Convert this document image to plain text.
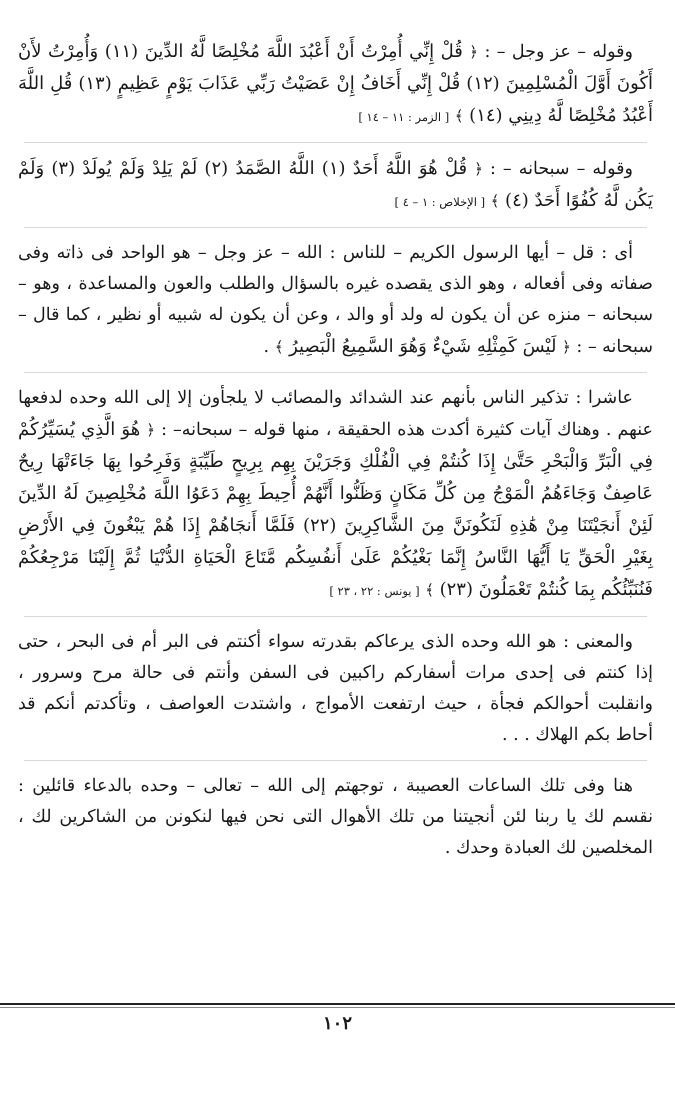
وقوله – عز وجل – : ﴿ قُلْ إِنِّي أُمِرْتُ أَنْ أَعْبُدَ اللَّهَ مُخْلِصًا لَّهُ الدِّينَ (١١) وَأُمِرْتُ لأَنْ أَكُونَ أَوَّلَ الْمُسْلِمِينَ (١٢) قُلْ إِنِّي أَخَافُ إِنْ عَصَيْتُ رَبِّي عَذَابَ يَوْمٍ عَظِيمٍ (١٣) قُلِ اللَّهَ أَعْبُدُ مُخْلِصًا لَّهُ دِينِي (١٤) ﴾ [ الزمر : ١١ – ١٤ ]

وقوله – سبحانه – : ﴿ قُلْ هُوَ اللَّهُ أَحَدٌ (١) اللَّهُ الصَّمَدُ (٢) لَمْ يَلِدْ وَلَمْ يُولَدْ (٣) وَلَمْ يَكُن لَّهُ كُفُوًا أَحَدٌ (٤) ﴾ [ الإخلاص : ١ – ٤ ]

أى : قل – أيها الرسول الكريم – للناس : الله – عز وجل – هو الواحد فى ذاته وفى صفاته وفى أفعاله ، وهو الذى يقصده غيره بالسؤال والطلب والعون والمساعدة ، وهو – سبحانه – منزه عن أن يكون له ولد أو والد ، وعن أن يكون له شبيه أو نظير ، كما قال – سبحانه – : ﴿ لَيْسَ كَمِثْلِهِ شَيْءٌ وَهُوَ السَّمِيعُ الْبَصِيرُ ﴾ .

عاشرا : تذكير الناس بأنهم عند الشدائد والمصائب لا يلجأون إلا إلى الله وحده لدفعها عنهم . وهناك آيات كثيرة أكدت هذه الحقيقة ، منها قوله – سبحانه– : ﴿ هُوَ الَّذِي يُسَيِّرُكُمْ فِي الْبَرِّ وَالْبَحْرِ حَتَّىٰ إِذَا كُنتُمْ فِي الْفُلْكِ وَجَرَيْنَ بِهِم بِرِيحٍ طَيِّبَةٍ وَفَرِحُوا بِهَا جَاءَتْهَا رِيحٌ عَاصِفٌ وَجَاءَهُمُ الْمَوْجُ مِن كُلِّ مَكَانٍ وَظَنُّوا أَنَّهُمْ أُحِيطَ بِهِمْ دَعَوُا اللَّهَ مُخْلِصِينَ لَهُ الدِّينَ لَئِنْ أَنجَيْتَنَا مِنْ هَٰذِهِ لَنَكُونَنَّ مِنَ الشَّاكِرِينَ (٢٢) فَلَمَّا أَنجَاهُمْ إِذَا هُمْ يَبْغُونَ فِي الأَرْضِ بِغَيْرِ الْحَقِّ يَا أَيُّهَا النَّاسُ إِنَّمَا بَغْيُكُمْ عَلَىٰ أَنفُسِكُم مَّتَاعَ الْحَيَاةِ الدُّنْيَا ثُمَّ إِلَيْنَا مَرْجِعُكُمْ فَنُنَبِّئُكُم بِمَا كُنتُمْ تَعْمَلُونَ (٢٣) ﴾ [ يونس : ٢٢ ، ٢٣ ]

والمعنى : هو الله وحده الذى يرعاكم بقدرته سواء أكنتم فى البر أم فى البحر ، حتى إذا كنتم فى إحدى مرات أسفاركم راكبين فى السفن وأنتم فى حالة مرح وسرور ، وانقلبت أحوالكم فجأة ، حيث ارتفعت الأمواج ، واشتدت العواصف ، وتأكدتم أنكم قد أحاط بكم الهلاك . . .

هنا وفى تلك الساعات العصيبة ، توجهتم إلى الله – تعالى – وحده بالدعاء قائلين : نقسم لك يا ربنا لئن أنجيتنا من تلك الأهوال التى نحن فيها لنكونن من الشاكرين لك ، المخلصين لك العبادة وحدك .

١٠٢
